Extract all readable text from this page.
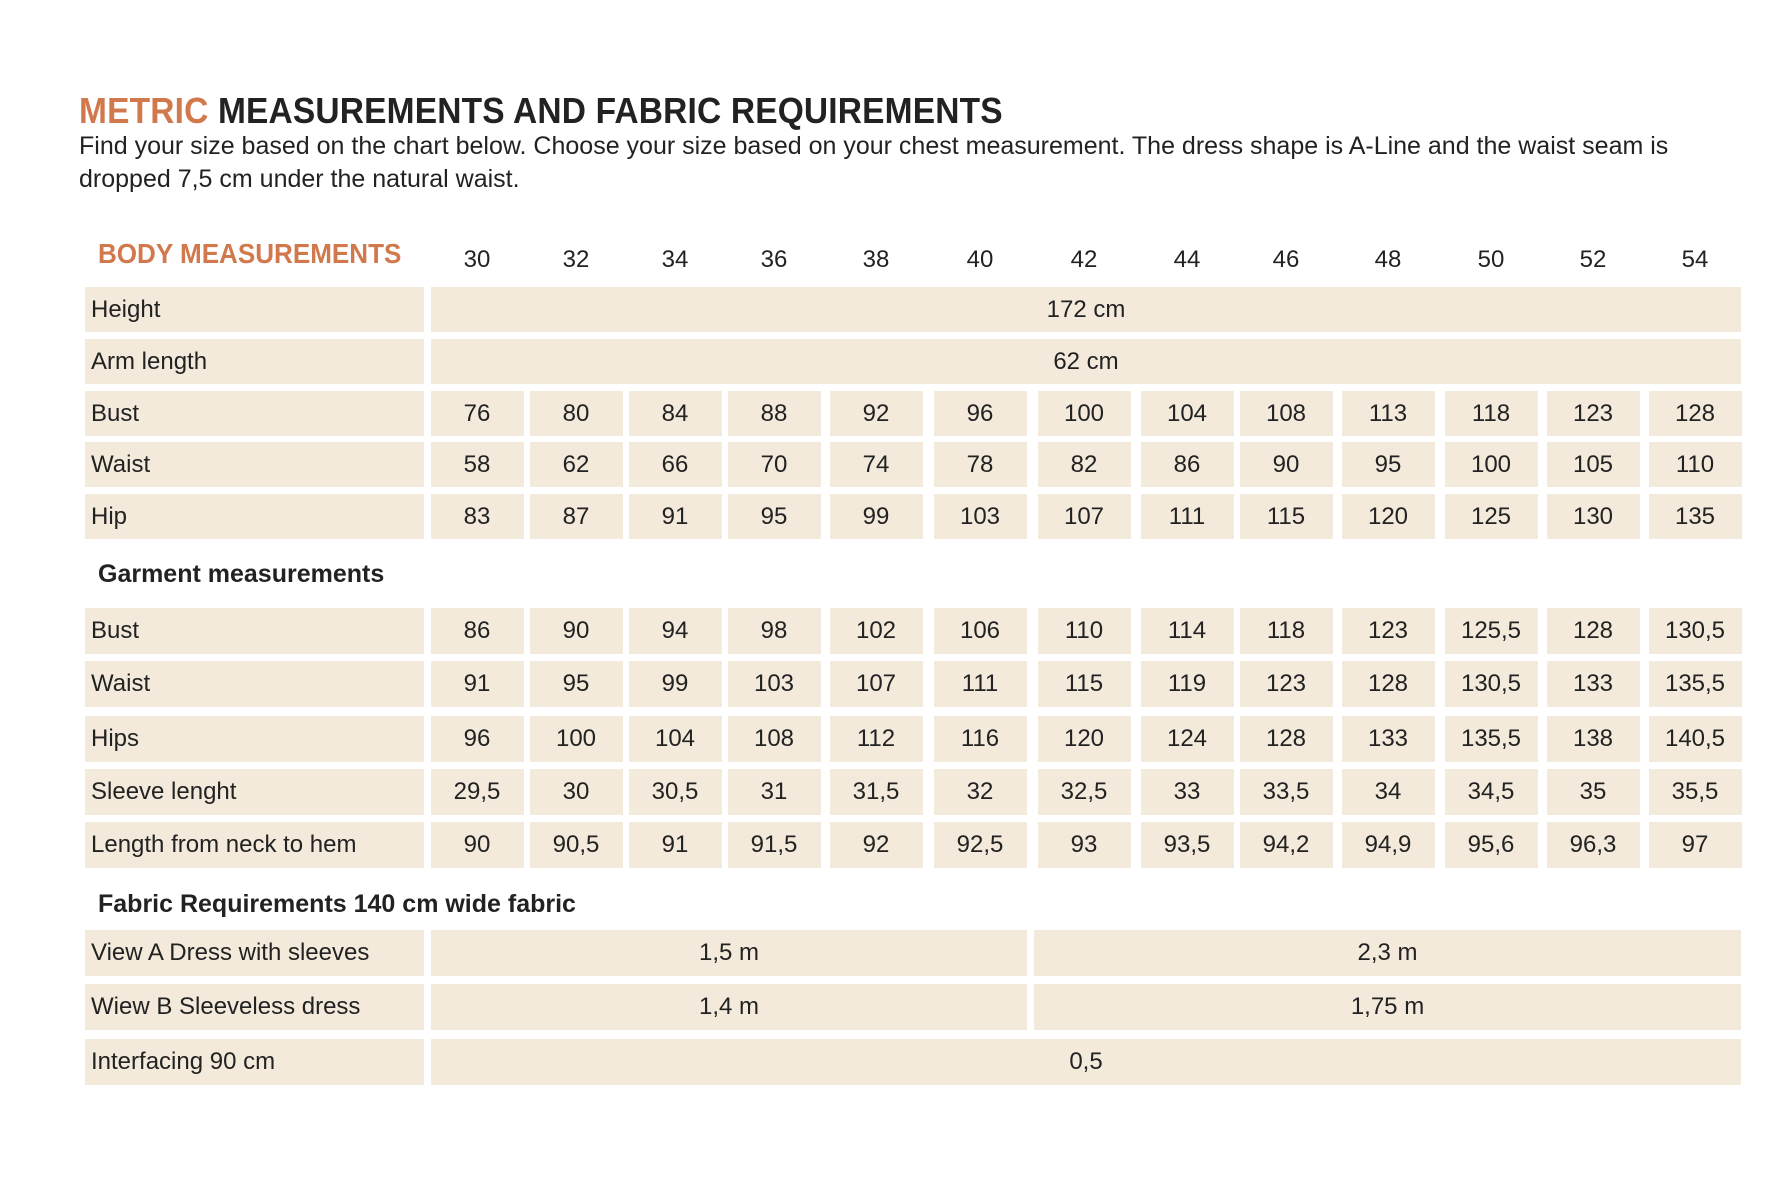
METRIC MEASUREMENTS AND FABRIC REQUIREMENTS
Find your size based on the chart below. Choose your size based on your chest measurement. The dress shape is A-Line and the waist seam is dropped 7,5 cm under the natural waist.
BODY MEASUREMENTS	30	32	34	36	38	40	42	44	46	48	50	52	54
Height	172 cm
Arm length	62 cm
Bust	76	80	84	88	92	96	100	104	108	113	118	123	128
Waist	58	62	66	70	74	78	82	86	90	95	100	105	110
Hip	83	87	91	95	99	103	107	111	115	120	125	130	135
Garment measurements
Bust	86	90	94	98	102	106	110	114	118	123	125,5	128	130,5
Waist	91	95	99	103	107	111	115	119	123	128	130,5	133	135,5
Hips	96	100	104	108	112	116	120	124	128	133	135,5	138	140,5
Sleeve lenght	29,5	30	30,5	31	31,5	32	32,5	33	33,5	34	34,5	35	35,5
Length from neck to hem	90	90,5	91	91,5	92	92,5	93	93,5	94,2	94,9	95,6	96,3	97
Fabric Requirements 140 cm wide fabric
View A Dress with sleeves	1,5 m	2,3 m
Wiew B Sleeveless dress	1,4 m	1,75 m
Interfacing 90 cm	0,5
